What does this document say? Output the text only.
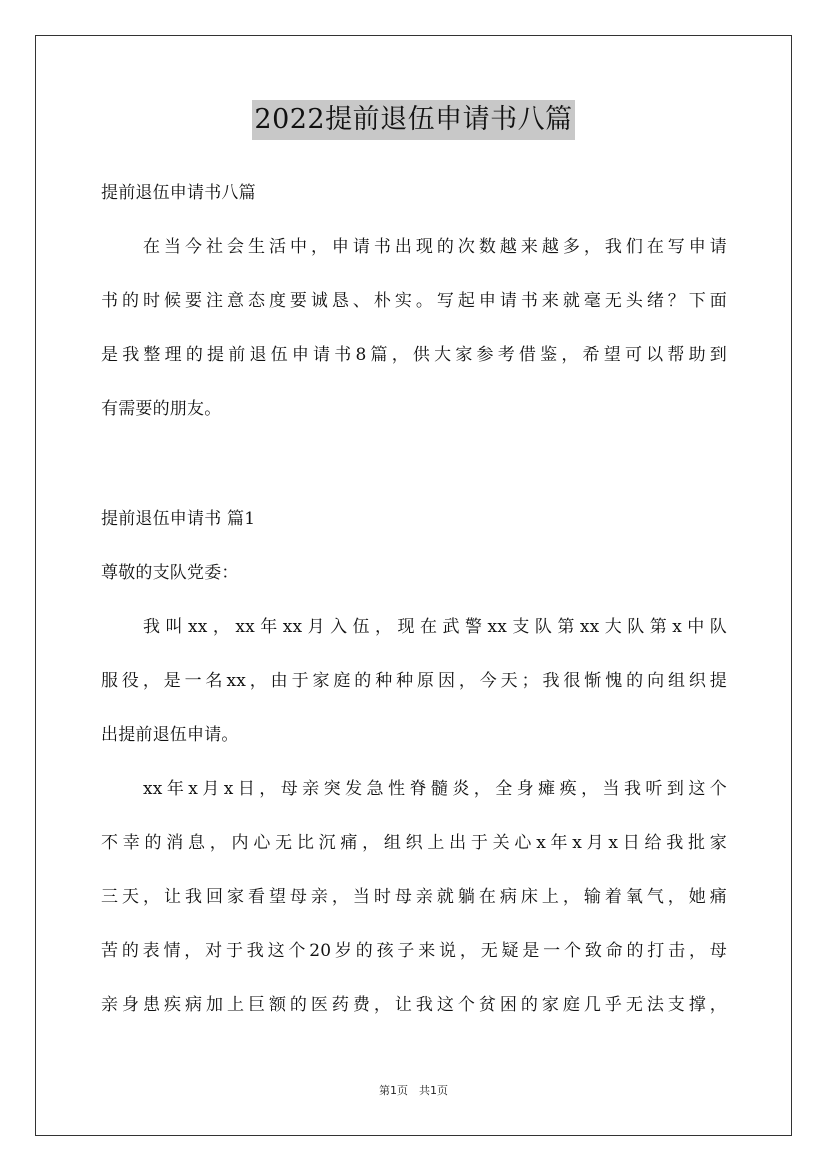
2022提前退伍申请书八篇
提前退伍申请书八篇
在当今社会生活中，申请书出现的次数越来越多，我们在写申请
书的时候要注意态度要诚恳、朴实。写起申请书来就毫无头绪？下面
是我整理的提前退伍申请书8篇，供大家参考借鉴，希望可以帮助到
有需要的朋友。
提前退伍申请书 篇1
尊敬的支队党委：
我叫xx，xx年xx月入伍，现在武警xx支队第xx大队第x中队
服役，是一名xx，由于家庭的种种原因，今天；我很惭愧的向组织提
出提前退伍申请。
xx年x月x日，母亲突发急性脊髓炎，全身瘫痪，当我听到这个
不幸的消息，内心无比沉痛，组织上出于关心x年x月x日给我批家
三天，让我回家看望母亲，当时母亲就躺在病床上，输着氧气，她痛
苦的表情，对于我这个20岁的孩子来说，无疑是一个致命的打击，母
亲身患疾病加上巨额的医药费，让我这个贫困的家庭几乎无法支撑，
第1页　共1页
